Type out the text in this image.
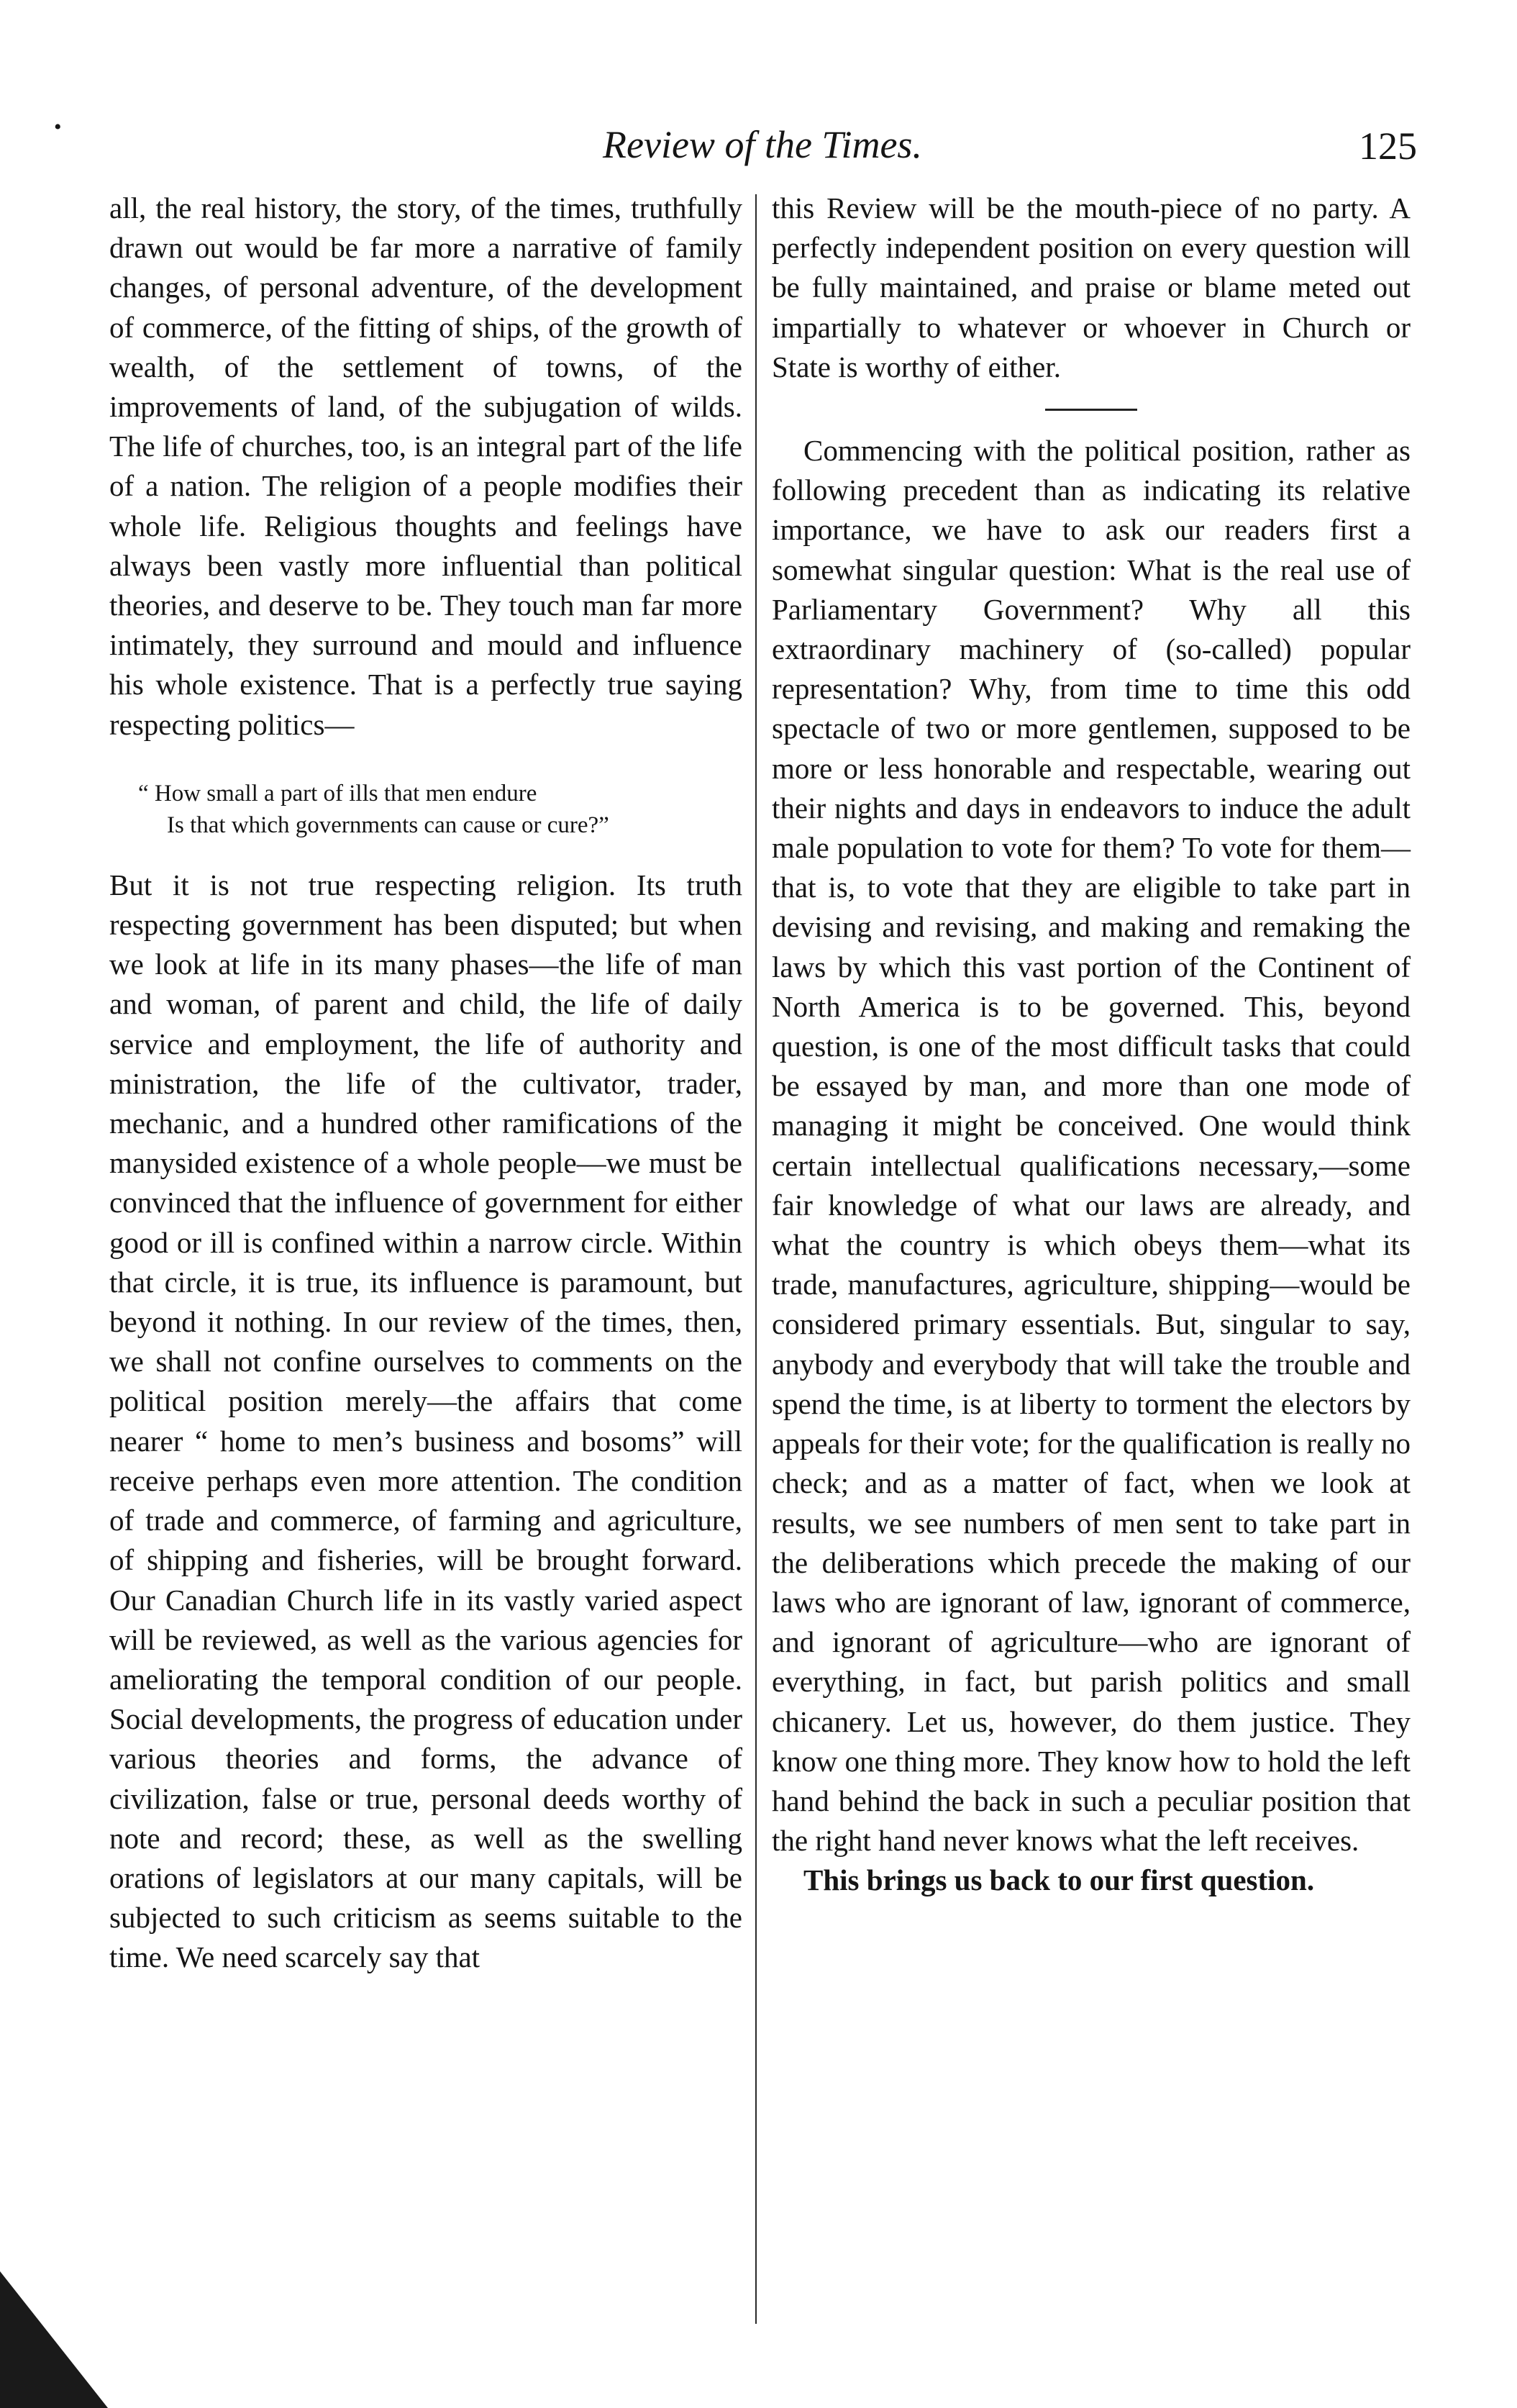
•	Review of the Times.	125

all, the real history, the story, of the times, truthfully drawn out would be far more a narrative of family changes, of personal adventure, of the development of commerce, of the fitting of ships, of the growth of wealth, of the settlement of towns, of the improvements of land, of the subjugation of wilds. The life of churches, too, is an integral part of the life of a nation. The religion of a people modifies their whole life. Religious thoughts and feelings have always been vastly more influential than political theories, and deserve to be. They touch man far more intimately, they surround and mould and influence his whole existence. That is a perfectly true saying respecting politics—

“ How small a part of ills that men endure
Is that which governments can cause or cure?”

But it is not true respecting religion. Its truth respecting government has been disputed; but when we look at life in its many phases—the life of man and woman, of parent and child, the life of daily service and employment, the life of authority and ministration, the life of the cultivator, trader, mechanic, and a hundred other ramifications of the manysided existence of a whole people—we must be convinced that the influence of government for either good or ill is confined within a narrow circle. Within that circle, it is true, its influence is paramount, but beyond it nothing. In our review of the times, then, we shall not confine ourselves to comments on the political position merely—the affairs that come nearer “ home to men’s business and bosoms” will receive perhaps even more attention. The condition of trade and commerce, of farming and agriculture, of shipping and fisheries, will be brought forward. Our Canadian Church life in its vastly varied aspect will be reviewed, as well as the various agencies for ameliorating the temporal condition of our people. Social developments, the progress of education under various theories and forms, the advance of civilization, false or true, personal deeds worthy of note and record; these, as well as the swelling orations of legislators at our many capitals, will be subjected to such criticism as seems suitable to the time. We need scarcely say that

this Review will be the mouth-piece of no party. A perfectly independent position on every question will be fully maintained, and praise or blame meted out impartially to whatever or whoever in Church or State is worthy of either.

Commencing with the political position, rather as following precedent than as indicating its relative importance, we have to ask our readers first a somewhat singular question: What is the real use of Parliamentary Government? Why all this extraordinary machinery of (so-called) popular representation? Why, from time to time this odd spectacle of two or more gentlemen, supposed to be more or less honorable and respectable, wearing out their nights and days in endeavors to induce the adult male population to vote for them? To vote for them—that is, to vote that they are eligible to take part in devising and revising, and making and remaking the laws by which this vast portion of the Continent of North America is to be governed. This, beyond question, is one of the most difficult tasks that could be essayed by man, and more than one mode of managing it might be conceived. One would think certain intellectual qualifications necessary,—some fair knowledge of what our laws are already, and what the country is which obeys them—what its trade, manufactures, agriculture, shipping—would be considered primary essentials. But, singular to say, anybody and everybody that will take the trouble and spend the time, is at liberty to torment the electors by appeals for their vote; for the qualification is really no check; and as a matter of fact, when we look at results, we see numbers of men sent to take part in the deliberations which precede the making of our laws who are ignorant of law, ignorant of commerce, and ignorant of agriculture—who are ignorant of everything, in fact, but parish politics and small chicanery. Let us, however, do them justice. They know one thing more. They know how to hold the left hand behind the back in such a peculiar position that the right hand never knows what the left receives.

This brings us back to our first question.
